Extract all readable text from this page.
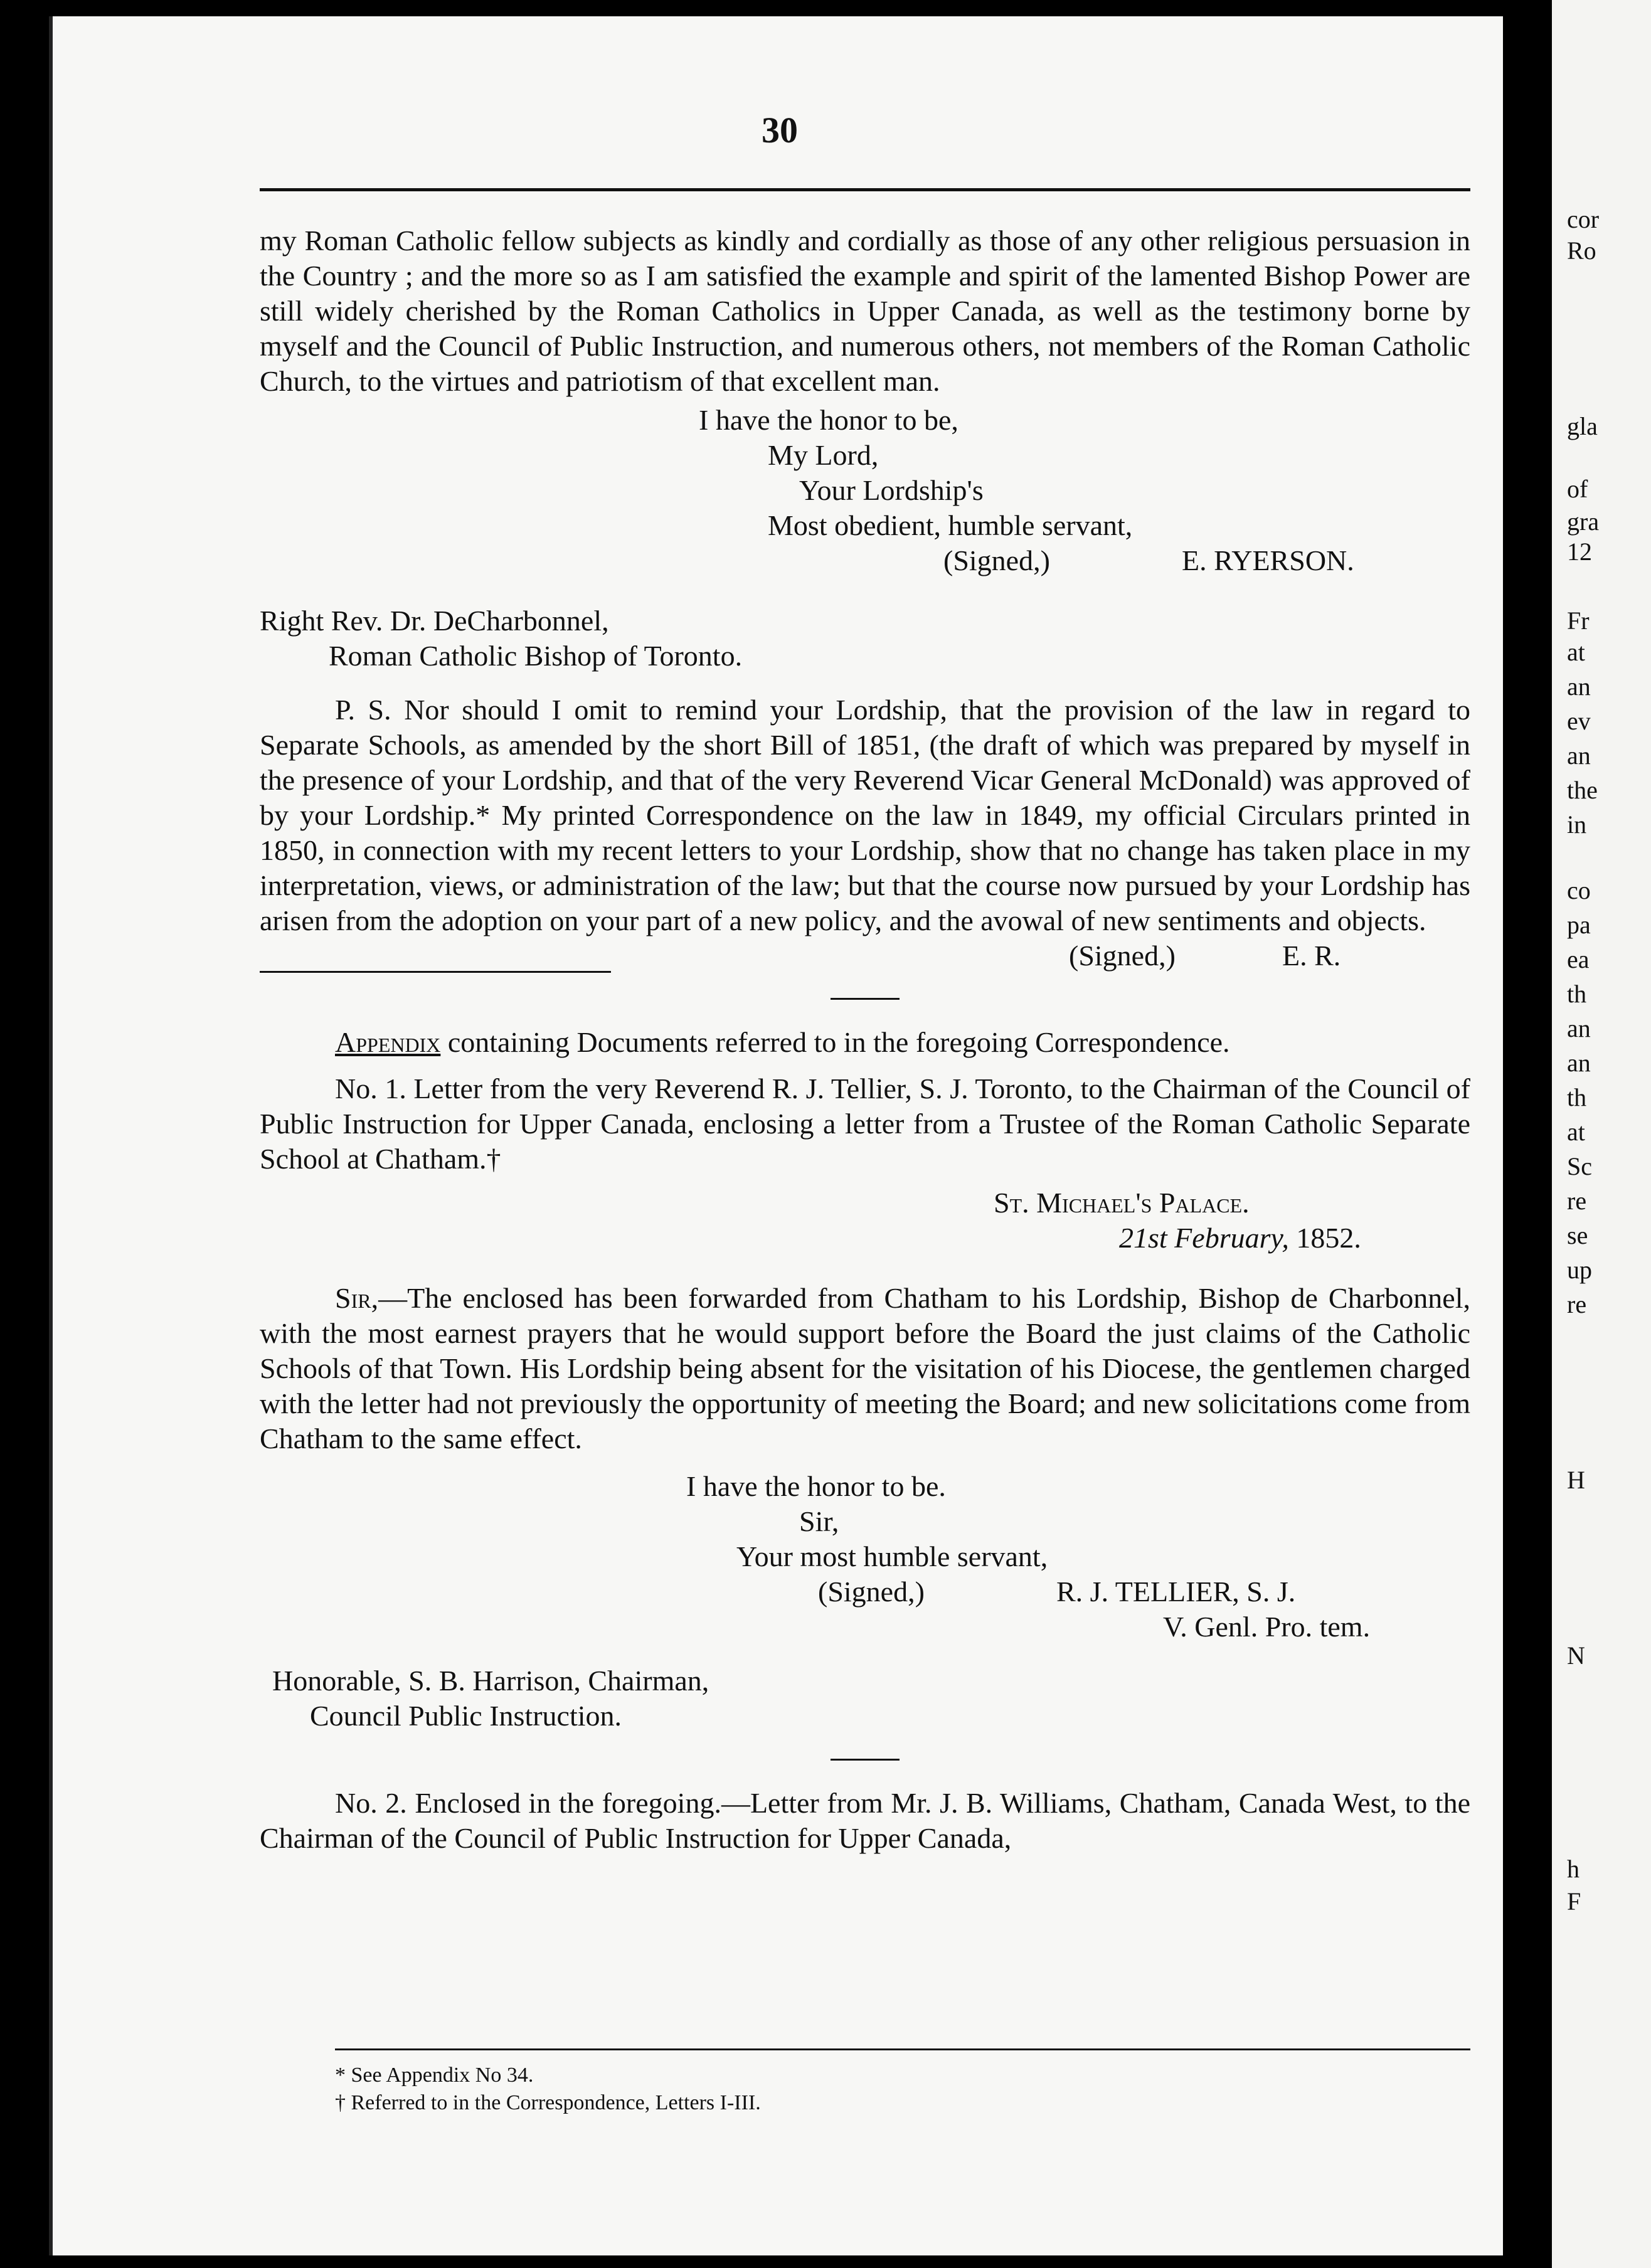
30

my Roman Catholic fellow subjects as kindly and cordially as those of any other religious persuasion in the Country ; and the more so as I am satisfied the example and spirit of the lamented Bishop Power are still widely cherished by the Roman Catholics in Upper Canada, as well as the testimony borne by myself and the Council of Public Instruction, and numerous others, not members of the Roman Catholic Church, to the virtues and patriotism of that excellent man.

I have the honor to be,
My Lord,
Your Lordship's
Most obedient, humble servant,
(Signed,)	E. RYERSON.
Right Rev. Dr. DeCharbonnel,
Roman Catholic Bishop of Toronto.

P. S. Nor should I omit to remind your Lordship, that the provision of the law in regard to Separate Schools, as amended by the short Bill of 1851, (the draft of which was prepared by myself in the presence of your Lordship, and that of the very Reverend Vicar General McDonald) was approved of by your Lordship.* My printed Correspondence on the law in 1849, my official Circulars printed in 1850, in connection with my recent letters to your Lordship, show that no change has taken place in my interpretation, views, or administration of the law; but that the course now pursued by your Lordship has arisen from the adoption on your part of a new policy, and the avowal of new sentiments and objects.

(Signed,)	E. R.

Appendix containing Documents referred to in the foregoing Correspondence.

No. 1. Letter from the very Reverend R. J. Tellier, S. J. Toronto, to the Chairman of the Council of Public Instruction for Upper Canada, enclosing a letter from a Trustee of the Roman Catholic Separate School at Chatham.†

St. Michael's Palace.
21st February, 1852.

Sir,—The enclosed has been forwarded from Chatham to his Lordship, Bishop de Charbonnel, with the most earnest prayers that he would support before the Board the just claims of the Catholic Schools of that Town. His Lordship being absent for the visitation of his Diocese, the gentlemen charged with the letter had not previously the opportunity of meeting the Board; and new solicitations come from Chatham to the same effect.

I have the honor to be.
Sir,
Your most humble servant,
(Signed,)	R. J. TELLIER, S. J.
V. Genl. Pro. tem.
Honorable, S. B. Harrison, Chairman,
Council Public Instruction.

No. 2. Enclosed in the foregoing.—Letter from Mr. J. B. Williams, Chatham, Canada West, to the Chairman of the Council of Public Instruction for Upper Canada,

* See Appendix No 34.
† Referred to in the Correspondence, Letters I-III.
cor
Ro
gla
of
gra
12
Fr
at
an
ev
an
the
in
co
pa
ea
th
an
an
th
at
Sc
re
se
up
re
H
N
h
F
